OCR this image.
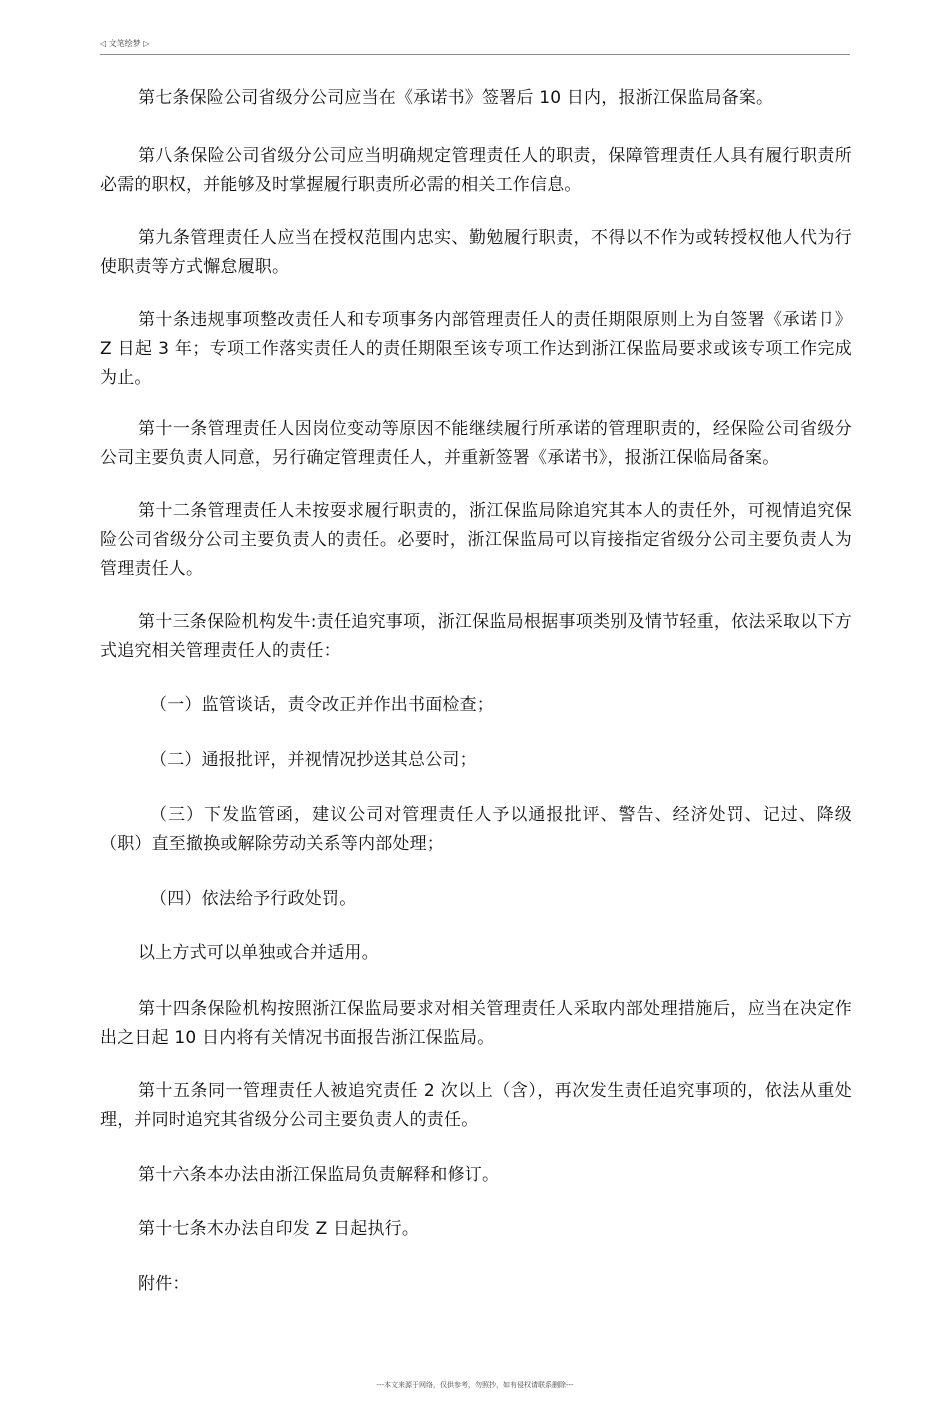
◁ 文笔绘梦 ▷

第七条保险公司省级分公司应当在《承诺书》签署后 10 日内，报浙江保监局备案。

第八条保险公司省级分公司应当明确规定管理责任人的职责，保障管理责任人具有履行职责所必需的职权，并能够及时掌握履行职责所必需的相关工作信息。

第九条管理责任人应当在授权范围内忠实、勤勉履行职责，不得以不作为或转授权他人代为行使职责等方式懈怠履职。

第十条违规事项整改责任人和专项事务内部管理责任人的责任期限原则上为自签署《承诺卩》Z 日起 3 年；专项工作落实责任人的责任期限至该专项工作达到浙江保监局要求或该专项工作完成为止。

第十一条管理责任人因岗位变动等原因不能继续履行所承诺的管理职责的，经保险公司省级分公司主要负责人同意，另行确定管理责任人，并重新签署《承诺书》，报浙江保临局备案。

第十二条管理责任人未按耍求履行职责的，浙江保监局除追究其本人的责任外，可视情追究保险公司省级分公司主要负责人的责任。必要时，浙江保监局可以肓接指定省级分公司主要负责人为管理责任人。

第十三条保险机构发牛:责任追究事项，浙江保监局根据事项类别及情节轻重，依法采取以下方式追究相关管理责任人的责任：

（一）监管谈话，责令改正并作出书面检查；

（二）通报批评，并视情况抄送其总公司；

（三）下发监管函，建议公司对管理责任人予以通报批评、警告、经济处罚、记过、降级（职）直至撤换或解除劳动关系等内部处理；

（四）依法给予行政处罚。

以上方式可以单独或合并适用。

第十四条保险机构按照浙江保监局要求对相关管理责任人采取内部处理措施后，应当在决定作出之日起 10 日内将有关情况书面报告浙江保监局。

第十五条同一管理责任人被追究责任 2 次以上（含），再次发生责任追究事项的，依法从重处理，并同时追究其省级分公司主要负责人的责任。

第十六条本办法由浙江保监局负责解释和修订。

第十七条木办法自印发 Z 日起执行。

附件：

---本文来源于网络，仅供参考，勿照抄，如有侵权请联系删除---
